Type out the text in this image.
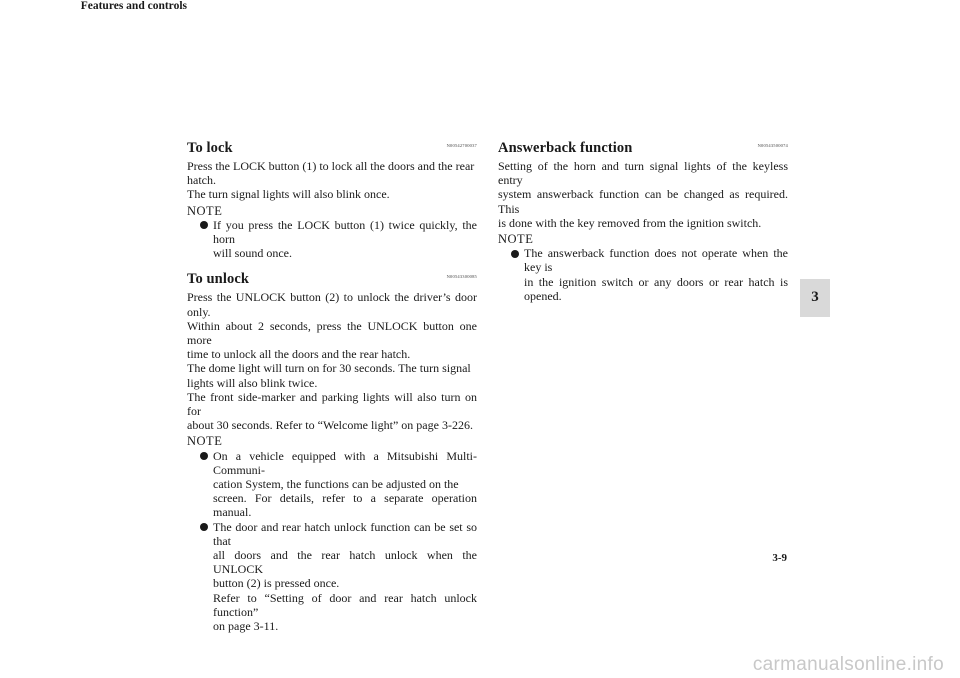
Features and controls
To lock	N00542700037

Press the LOCK button (1) to lock all the doors and the rear

hatch.

The turn signal lights will also blink once.

NOTE
If you press the LOCK button (1) twice quickly, the horn
will sound once.
To unlock	N00543300085

Press the UNLOCK button (2) to unlock the driver’s door only.

Within about 2 seconds, press the UNLOCK button one more

time to unlock all the doors and the rear hatch.

The dome light will turn on for 30 seconds. The turn signal

lights will also blink twice.

The front side-marker and parking lights will also turn on for

about 30 seconds. Refer to “Welcome light” on page 3-226.

NOTE
On a vehicle equipped with a Mitsubishi Multi-Communi-
cation System, the functions can be adjusted on the
screen. For details, refer to a separate operation manual.
The door and rear hatch unlock function can be set so that
all doors and the rear hatch unlock when the UNLOCK
button (2) is pressed once.
Refer to “Setting of door and rear hatch unlock function”
on page 3-11.
Answerback function	N00543500074

Setting of the horn and turn signal lights of the keyless entry

system answerback function can be changed as required. This

is done with the key removed from the ignition switch.

NOTE
The answerback function does not operate when the key is
in the ignition switch or any doors or rear hatch is opened.	3
3-9
carmanualsonline.info
